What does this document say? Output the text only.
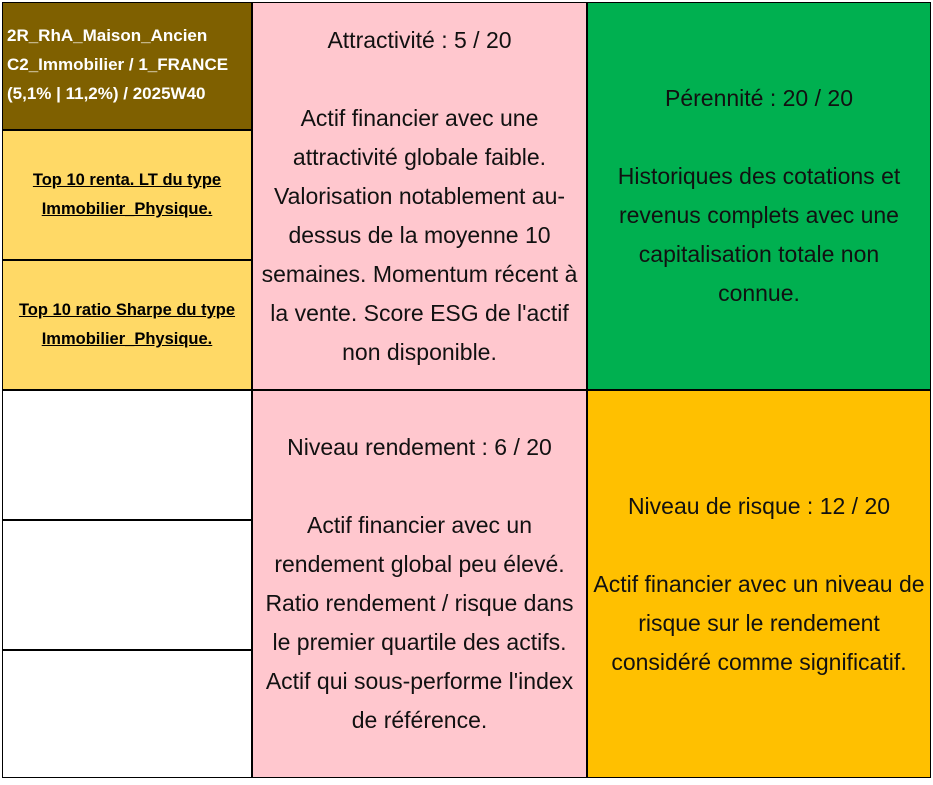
2R_RhA_Maison_Ancien
C2_Immobilier / 1_FRANCE
(5,1% | 11,2%) / 2025W40
Top 10 renta. LT du type
Immobilier_Physique.
Top 10 ratio Sharpe du type
Immobilier_Physique.
Attractivité : 5 / 20
Actif financier avec une
attractivité globale faible.
Valorisation notablement au-
dessus de la moyenne 10
semaines. Momentum récent à
la vente. Score ESG de l'actif
non disponible.
Pérennité : 20 / 20
Historiques des cotations et
revenus complets avec une
capitalisation totale non
connue.
Niveau rendement : 6 / 20
Actif financier avec un
rendement global peu élevé.
Ratio rendement / risque dans
le premier quartile des actifs.
Actif qui sous-performe l'index
de référence.
Niveau de risque : 12 / 20
Actif financier avec un niveau de
risque sur le rendement
considéré comme significatif.
